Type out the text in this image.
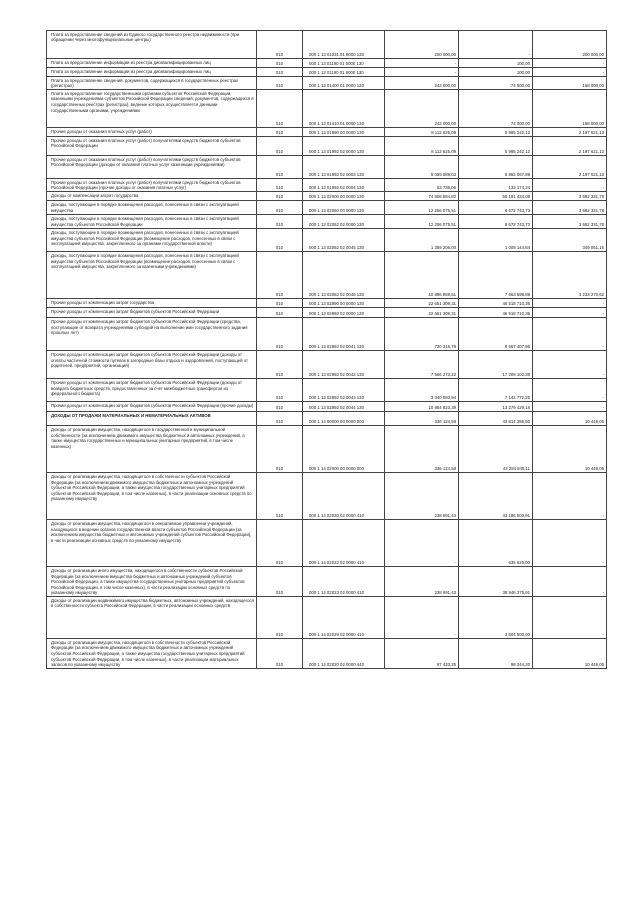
Плата за предоставление сведений из Единого государственного реестра недвижимости (при обращении через многофункциональные центры)	010	000 1 13 01031 01 8000 130	200 000,00	-	200 000,00

Плата за предоставление информации из реестра дисквалифицированных лиц	010	000 1 13 01190 01 0000 130	-	100,00	-

Плата за предоставление информации из реестра дисквалифицированных лиц	010	000 1 13 01190 01 6000 130	-	100,00	-

Плата за предоставление сведений, документов, содержащихся в государственных реестрах (регистрах)	010	000 1 13 01400 01 0000 130	242 000,00	74 000,00	168 000,00

Плата за предоставление государственными органами субъектов Российской Федерации, казенными учреждениями субъектов Российской Федерации сведений, документов, содержащихся в государственных реестрах (регистрах), ведение которых осуществляется данными государственными органами, учреждениями	010	000 1 13 01410 01 0000 130	242 000,00	74 000,00	168 000,00

Прочие доходы от оказания платных услуг (работ)	010	000 1 13 01990 00 0000 130	8 112 625,09	5 995 242,12	2 197 621,13

Прочие доходы от оказания платных услуг (работ) получателями средств бюджетов субъектов Российской Федерации	010	000 1 13 01992 02 0000 130	8 112 625,09	5 995 242,12	2 197 621,13

Прочие доходы от оказания платных услуг (работ) получателями средств бюджетов субъектов Российской Федерации (доходы от оказания платных услуг казенными учреждениями)	010	000 1 13 01992 02 0003 130	5 059 089,03	5 862 067,89	2 197 021,13

Прочие доходы от оказания платных услуг (работ) получателями средств бюджетов субъектов Российской Федерации (прочие доходы от оказания платных услуг)	010	000 1 13 01992 02 0004 130	53 736,06	133 174,24	-

Доходы от компенсации затрат государства	010	000 1 13 02000 00 0000 130	74 908 584,82	55 191 434,09	3 582 331,78

Доходы, поступающие в порядке возмещения расходов, понесенных в связи с эксплуатацией имущества	010	000 1 13 02060 00 0000 130	12 256 075,51	8 672 743,73	3 582 331,78

Доходы, поступающие в порядке возмещения расходов, понесенных в связи с эксплуатацией имущества субъектов Российской Федерации	010	000 1 13 02062 02 0000 130	12 256 075,51	8 672 743,73	3 582 331,78

Доходы, поступающие в порядке возмещения расходов, понесенных в связи с эксплуатацией имущества субъектов Российской Федерации (возмещение расходов, понесенных в связи с эксплуатацией имущества, закрепленного за органами государственной власти)	010	000 1 13 02062 02 0045 130	1 359 206,00	1 009 144,84	349 061,16

Доходы, поступающие в порядке возмещения расходов, понесенных в связи с эксплуатацией имущества субъектов Российской Федерации (возмещение расходов, понесенных в связи с эксплуатацией имущества, закрепленного за казенными учреждениями)	010	000 1 13 02062 02 0046 130	10 896 869,51	7 663 598,89	3 233 270,62

Прочие доходы от компенсации затрат государства	010	000 1 13 02990 00 0000 130	22 651 309,31	46 518 710,36	-

Прочие доходы от компенсации затрат бюджетов субъектов Российской Федерации	010	000 1 13 02992 02 0000 130	22 651 309,31	46 518 710,36	-

Прочие доходы от компенсации затрат бюджетов субъектов Российской Федерации (средства, поступающие от возврата учреждениями субсидий на выполнение ими государственного задания прошлых лет)	010	000 1 13 02992 02 0041 130	720 316,76	8 657 407,86	-

Прочие доходы от компенсации затрат бюджетов субъектов Российской Федерации (доходы от оплаты частичной стоимости путевок в загородные базы отдыха и оздоровления, поступающей от родителей, предприятий, организаций)	010	000 1 13 02992 02 0042 130	7 566 273,22	17 209 102,38	-

Прочие доходы от компенсации затрат бюджетов субъектов Российской Федерации (доходы от возврата бюджетных средств, предоставленных за счет межбюджетных трансфертов из федерального бюджета)	010	000 1 13 02992 02 0043 130	3 340 093,94	7 142 772,25	-

Прочие доходы от компенсации затрат бюджетов субъектов Российской Федерации (прочие доходы)	010	000 1 13 02992 02 0044 130	10 884 823,39	13 279 429,18	-

ДОХОДЫ ОТ ПРОДАЖИ МАТЕРИАЛЬНЫХ И НЕМАТЕРИАЛЬНЫХ АКТИВОВ	010	000 1 14 00000 00 0000 000	336 124,58	43 814 386,50	10 449,05

Доходы от реализации имущества, находящегося в государственной и муниципальной собственности (за исключением движимого имущества бюджетных и автономных учреждений, а также имущества государственных и муниципальных унитарных предприятий, в том числе казенных)	010	000 1 14 02000 00 0000 000	336 124,58	43 284 845,11	10 449,05

Доходы от реализации имущества, находящегося в собственности субъектов Российской Федерации (за исключением движимого имущества бюджетных и автономных учреждений субъектов Российской Федерации, а также имущества государственных унитарных предприятий субъектов Российской Федерации, в том числе казенных), в части реализации основных средств по указанному имуществу	010	000 1 14 02020 02 0000 410	238 691,43	43 186 500,91	-

Доходы от реализации имущества, находящегося в оперативном управлении учреждений, находящихся в ведении органов государственной власти субъектов Российской Федерации (за исключением имущества бюджетных и автономных учреждений субъектов Российской Федерации), в части реализации основных средств по указанному имуществу	010	000 1 14 02022 02 0000 410	-	635 625,00	-

Доходы от реализации иного имущества, находящегося в собственности субъектов Российской Федерации (за исключением имущества бюджетных и автономных учреждений субъектов Российской Федерации, а также имущества государственных унитарных предприятий субъектов Российской Федерации, в том числе казенных), в части реализации основных средств по указанному имуществу	010	000 1 14 02023 02 0000 410	238 691,43	38 946 375,91	-

Доходы от реализации недвижимого имущества бюджетных, автономных учреждений, находящегося в собственности субъекта Российской Федерации, в части реализации основных средств	010	000 1 14 02029 02 0000 410	-	3 604 500,00	-

Доходы от реализации имущества, находящегося в собственности субъектов Российской Федерации (за исключением движимого имущества бюджетных и автономных учреждений субъектов Российской Федерации, а также имущества государственных унитарных предприятий субъектов Российской Федерации, в том числе казенных), в части реализации материальных запасов по указанному имуществу	010	000 1 14 02020 02 0000 440	97 433,25	98 344,20	10 449,05
